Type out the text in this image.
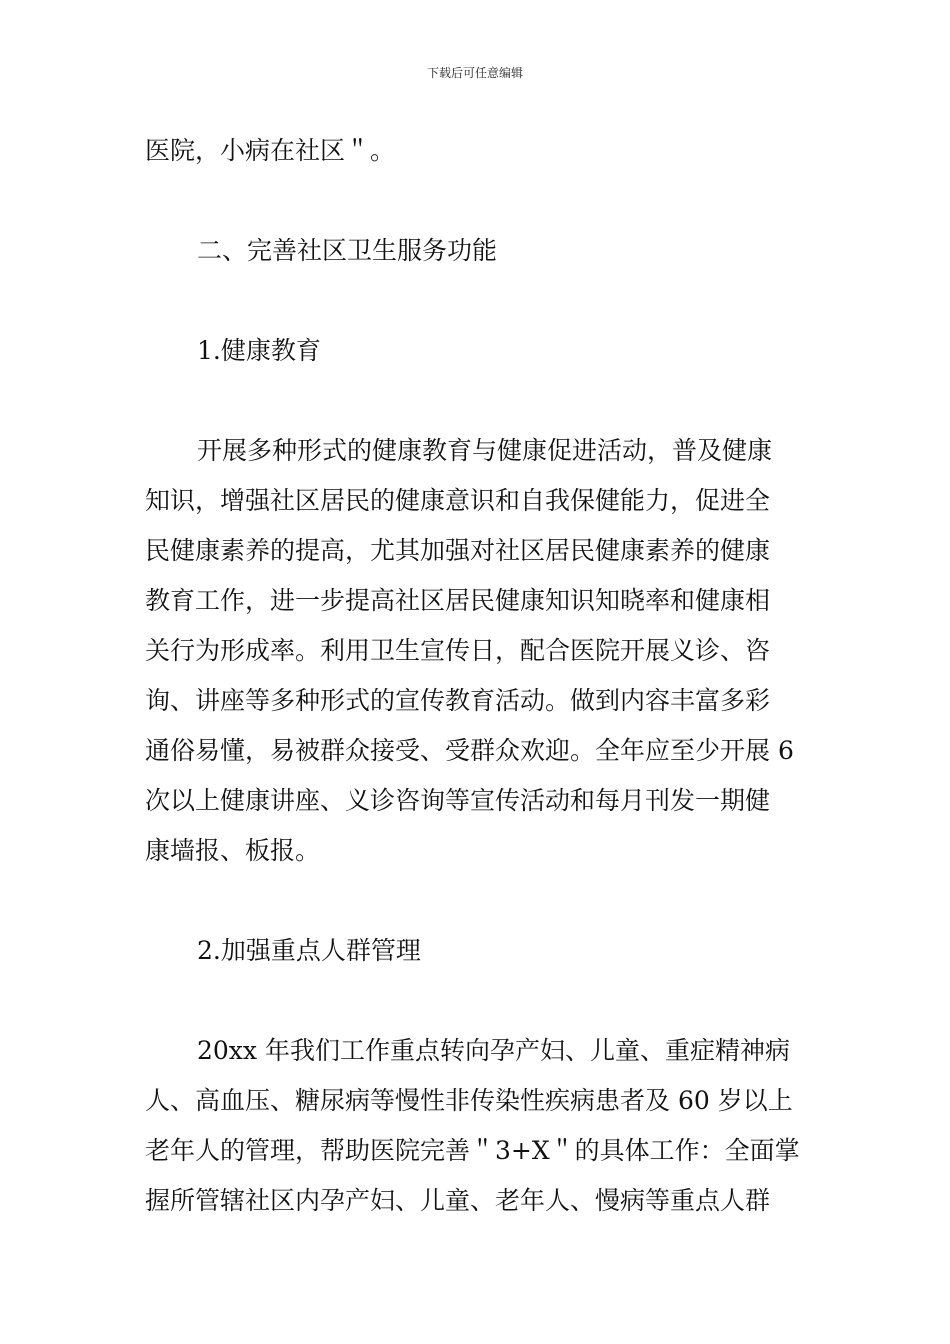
下载后可任意编辑
医院，小病在社区＂。
二、完善社区卫生服务功能
1.健康教育
开展多种形式的健康教育与健康促进活动，普及健康
知识，增强社区居民的健康意识和自我保健能力，促进全
民健康素养的提高，尤其加强对社区居民健康素养的健康
教育工作，进一步提高社区居民健康知识知晓率和健康相
关行为形成率。利用卫生宣传日，配合医院开展义诊、咨
询、讲座等多种形式的宣传教育活动。做到内容丰富多彩
通俗易懂，易被群众接受、受群众欢迎。全年应至少开展 6
次以上健康讲座、义诊咨询等宣传活动和每月刊发一期健
康墙报、板报。
2.加强重点人群管理
20xx 年我们工作重点转向孕产妇、儿童、重症精神病
人、高血压、糖尿病等慢性非传染性疾病患者及 60 岁以上
老年人的管理，帮助医院完善＂3+X＂的具体工作：全面掌
握所管辖社区内孕产妇、儿童、老年人、慢病等重点人群
